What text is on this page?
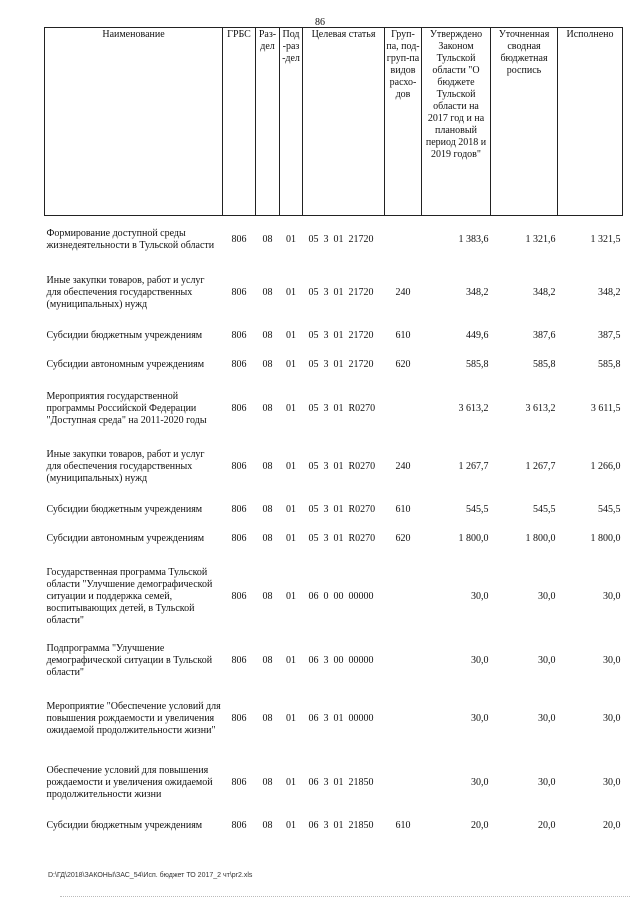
86
Наименование	ГРБС	Раз-дел	Под-раз-дел	Целевая статья	Груп-па, под-груп-па видов расхо-дов	Утверждено Законом Тульской области "О бюджете Тульской области на 2017 год и на плановый период 2018 и 2019 годов"	Уточненная сводная бюджетная роспись	Исполнено
Формирование доступной среды жизнедеятельности в Тульской области	806	08	01	05  3  01  21720		1 383,6	1 321,6	1 321,5
Иные закупки товаров, работ и услуг для обеспечения государственных (муниципальных) нужд	806	08	01	05  3  01  21720	240	348,2	348,2	348,2
Субсидии бюджетным учреждениям	806	08	01	05  3  01  21720	610	449,6	387,6	387,5
Субсидии автономным учреждениям	806	08	01	05  3  01  21720	620	585,8	585,8	585,8
Мероприятия государственной программы Российской Федерации "Доступная среда" на 2011-2020 годы	806	08	01	05  3  01  R0270		3 613,2	3 613,2	3 611,5
Иные закупки товаров, работ и услуг для обеспечения государственных (муниципальных) нужд	806	08	01	05  3  01  R0270	240	1 267,7	1 267,7	1 266,0
Субсидии бюджетным учреждениям	806	08	01	05  3  01  R0270	610	545,5	545,5	545,5
Субсидии автономным учреждениям	806	08	01	05  3  01  R0270	620	1 800,0	1 800,0	1 800,0
Государственная программа Тульской области "Улучшение демографической ситуации и поддержка семей, воспитывающих детей, в Тульской области"	806	08	01	06  0  00  00000		30,0	30,0	30,0
Подпрограмма "Улучшение демографической ситуации в Тульской области"	806	08	01	06  3  00  00000		30,0	30,0	30,0
Мероприятие "Обеспечение условий для повышения рождаемости и увеличения ожидаемой продолжительности жизни"	806	08	01	06  3  01  00000		30,0	30,0	30,0
Обеспечение условий для повышения рождаемости и увеличения ожидаемой продолжительности жизни	806	08	01	06  3  01  21850		30,0	30,0	30,0
Субсидии бюджетным учреждениям	806	08	01	06  3  01  21850	610	20,0	20,0	20,0
D:\ГД\2018\ЗАКОНЫ\ЗАС_54\Исп. бюджет ТО 2017_2 чт\pr2.xls
